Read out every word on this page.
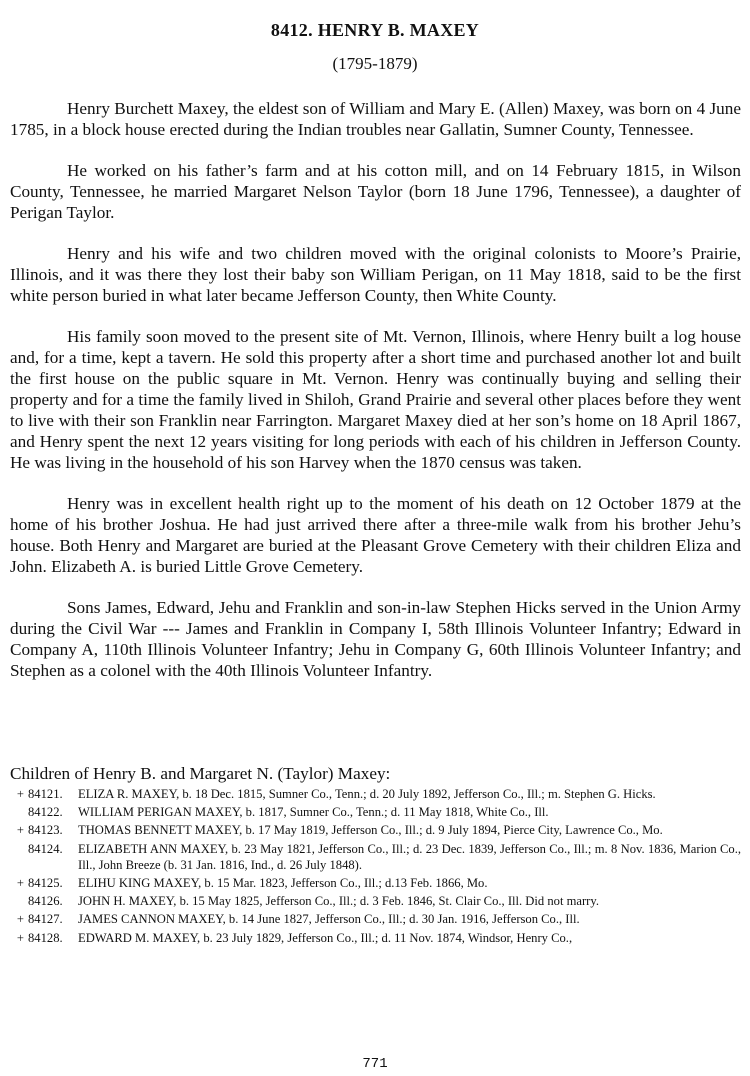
8412. HENRY B. MAXEY
(1795-1879)

Henry Burchett Maxey, the eldest son of William and Mary E. (Allen) Maxey, was born on 4 June 1785, in a block house erected during the Indian troubles near Gallatin, Sumner County, Tennessee.

He worked on his father’s farm and at his cotton mill, and on 14 February 1815, in Wilson County, Tennessee, he married Margaret Nelson Taylor (born 18 June 1796, Tennessee), a daughter of Perigan Taylor.

Henry and his wife and two children moved with the original colonists to Moore’s Prairie, Illinois, and it was there they lost their baby son William Perigan, on 11 May 1818, said to be the first white person buried in what later became Jefferson County, then White County.

His family soon moved to the present site of Mt. Vernon, Illinois, where Henry built a log house and, for a time, kept a tavern. He sold this property after a short time and purchased another lot and built the first house on the public square in Mt. Vernon. Henry was continually buying and selling their property and for a time the family lived in Shiloh, Grand Prairie and several other places before they went to live with their son Franklin near Farrington. Margaret Maxey died at her son’s home on 18 April 1867, and Henry spent the next 12 years visiting for long periods with each of his children in Jefferson County. He was living in the household of his son Harvey when the 1870 census was taken.

Henry was in excellent health right up to the moment of his death on 12 October 1879 at the home of his brother Joshua. He had just arrived there after a three-mile walk from his brother Jehu’s house. Both Henry and Margaret are buried at the Pleasant Grove Cemetery with their children Eliza and John. Elizabeth A. is buried Little Grove Cemetery.

Sons James, Edward, Jehu and Franklin and son-in-law Stephen Hicks served in the Union Army during the Civil War --- James and Franklin in Company I, 58th Illinois Volunteer Infantry; Edward in Company A, 110th Illinois Volunteer Infantry; Jehu in Company G, 60th Illinois Volunteer Infantry; and Stephen as a colonel with the 40th Illinois Volunteer Infantry.

Children of Henry B. and Margaret N. (Taylor) Maxey:
+ 84121.	ELIZA R. MAXEY, b. 18 Dec. 1815, Sumner Co., Tenn.; d. 20 July 1892, Jefferson Co., Ill.; m. Stephen G. Hicks.
84122.	WILLIAM PERIGAN MAXEY, b. 1817, Sumner Co., Tenn.; d. 11 May 1818, White Co., Ill.
+ 84123.	THOMAS BENNETT MAXEY, b. 17 May 1819, Jefferson Co., Ill.; d. 9 July 1894, Pierce City, Lawrence Co., Mo.
84124.	ELIZABETH ANN MAXEY, b. 23 May 1821, Jefferson Co., Ill.; d. 23 Dec. 1839, Jefferson Co., Ill.; m. 8 Nov. 1836, Marion Co., Ill., John Breeze (b. 31 Jan. 1816, Ind., d. 26 July 1848).
+ 84125.	ELIHU KING MAXEY, b. 15 Mar. 1823, Jefferson Co., Ill.; d.13 Feb. 1866, Mo.
84126.	JOHN H. MAXEY, b. 15 May 1825, Jefferson Co., Ill.; d. 3 Feb. 1846, St. Clair Co., Ill. Did not marry.
+ 84127.	JAMES CANNON MAXEY, b. 14 June 1827, Jefferson Co., Ill.; d. 30 Jan. 1916, Jefferson Co., Ill.
+ 84128.	EDWARD M. MAXEY, b. 23 July 1829, Jefferson Co., Ill.; d. 11 Nov. 1874, Windsor, Henry Co.,
771
